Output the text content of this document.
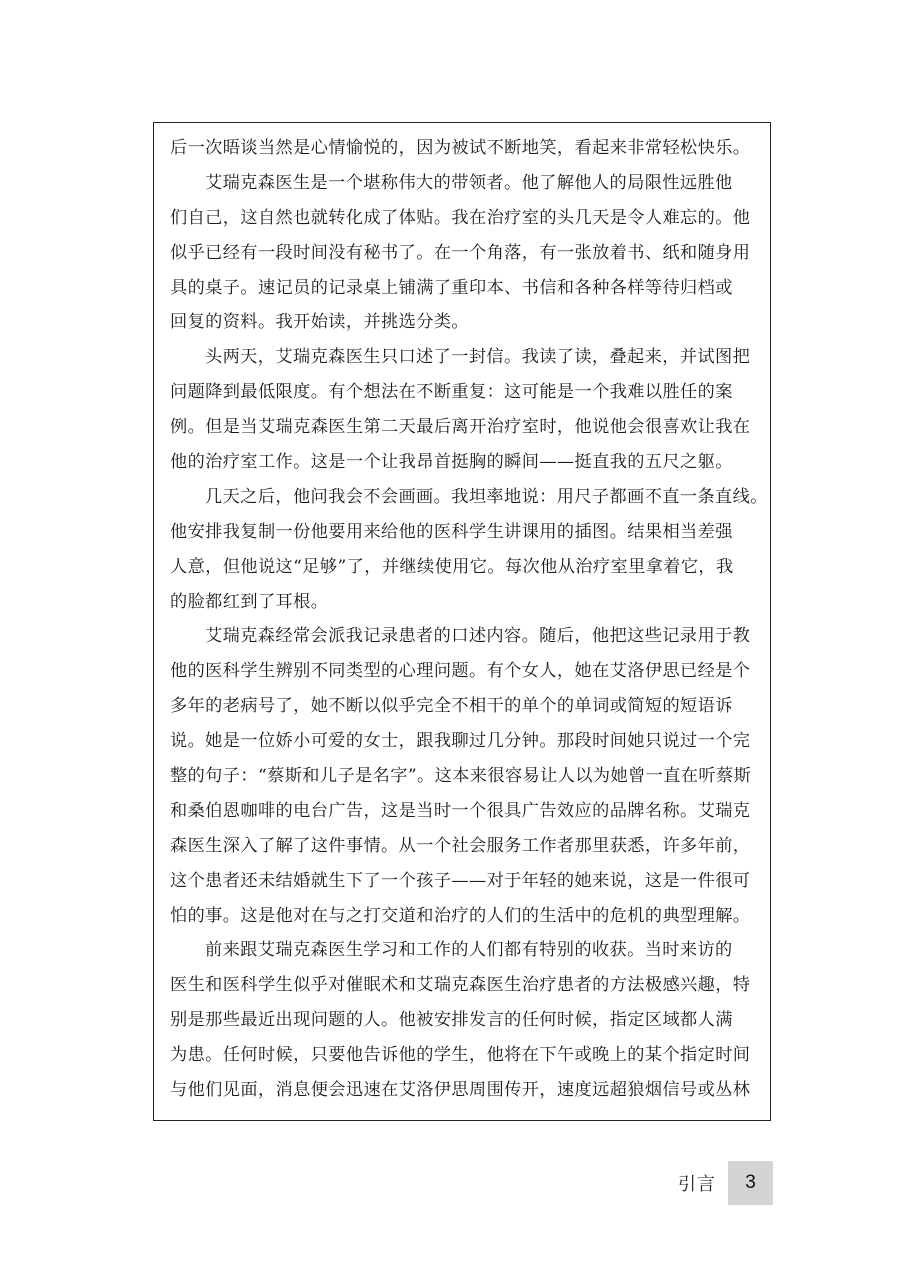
后一次晤谈当然是心情愉悦的，因为被试不断地笑，看起来非常轻松快乐。
艾瑞克森医生是一个堪称伟大的带领者。他了解他人的局限性远胜他
们自己，这自然也就转化成了体贴。我在治疗室的头几天是令人难忘的。他
似乎已经有一段时间没有秘书了。在一个角落，有一张放着书、纸和随身用
具的桌子。速记员的记录桌上铺满了重印本、书信和各种各样等待归档或
回复的资料。我开始读，并挑选分类。
头两天，艾瑞克森医生只口述了一封信。我读了读，叠起来，并试图把
问题降到最低限度。有个想法在不断重复：这可能是一个我难以胜任的案
例。但是当艾瑞克森医生第二天最后离开治疗室时，他说他会很喜欢让我在
他的治疗室工作。这是一个让我昂首挺胸的瞬间——挺直我的五尺之躯。
几天之后，他问我会不会画画。我坦率地说：用尺子都画不直一条直线。
他安排我复制一份他要用来给他的医科学生讲课用的插图。结果相当差强
人意，但他说这“足够”了，并继续使用它。每次他从治疗室里拿着它，我
的脸都红到了耳根。
艾瑞克森经常会派我记录患者的口述内容。随后，他把这些记录用于教
他的医科学生辨别不同类型的心理问题。有个女人，她在艾洛伊思已经是个
多年的老病号了，她不断以似乎完全不相干的单个的单词或简短的短语诉
说。她是一位娇小可爱的女士，跟我聊过几分钟。那段时间她只说过一个完
整的句子：“蔡斯和儿子是名字”。这本来很容易让人以为她曾一直在听蔡斯
和桑伯恩咖啡的电台广告，这是当时一个很具广告效应的品牌名称。艾瑞克
森医生深入了解了这件事情。从一个社会服务工作者那里获悉，许多年前，
这个患者还未结婚就生下了一个孩子——对于年轻的她来说，这是一件很可
怕的事。这是他对在与之打交道和治疗的人们的生活中的危机的典型理解。
前来跟艾瑞克森医生学习和工作的人们都有特别的收获。当时来访的
医生和医科学生似乎对催眠术和艾瑞克森医生治疗患者的方法极感兴趣，特
别是那些最近出现问题的人。他被安排发言的任何时候，指定区域都人满
为患。任何时候，只要他告诉他的学生，他将在下午或晚上的某个指定时间
与他们见面，消息便会迅速在艾洛伊思周围传开，速度远超狼烟信号或丛林
引言	3
